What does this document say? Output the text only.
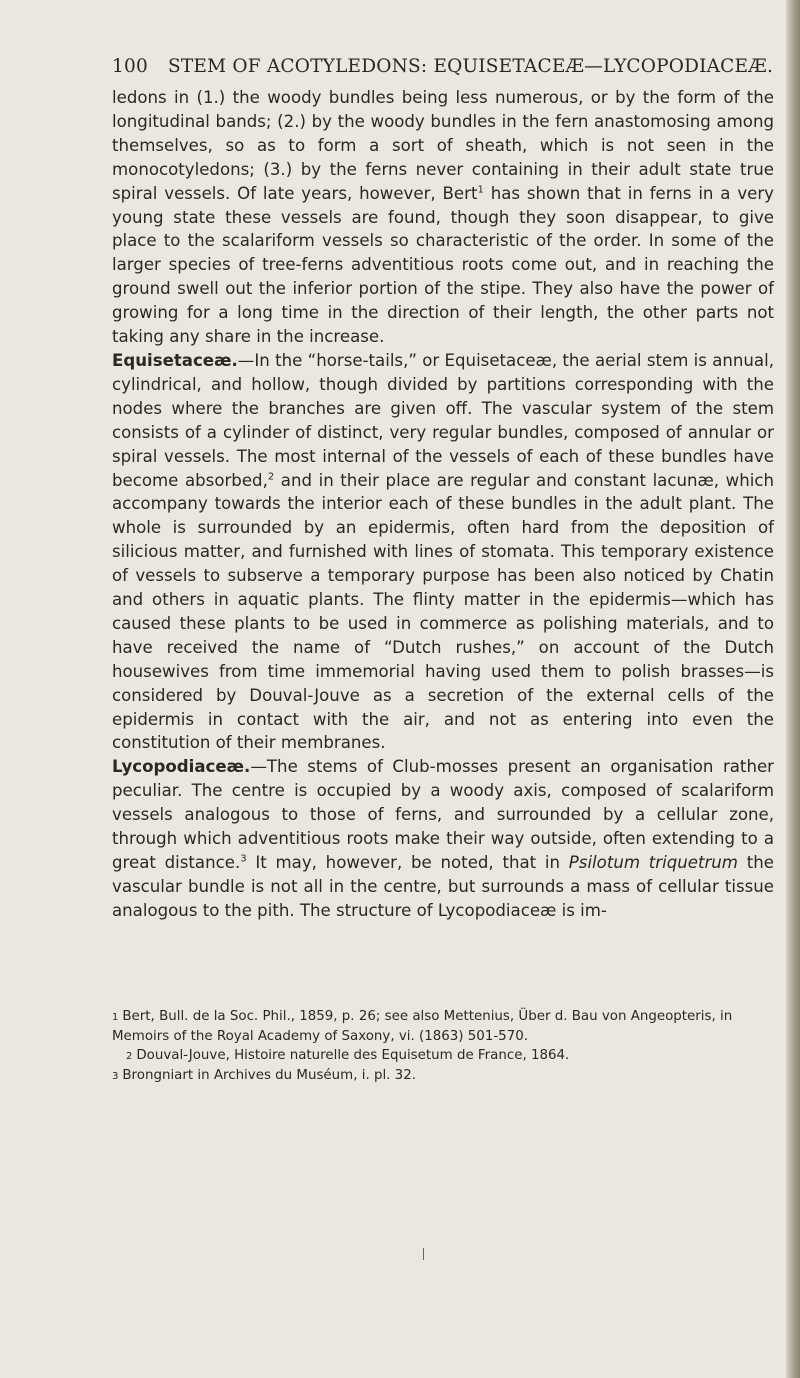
100 STEM OF ACOTYLEDONS: EQUISETACEÆ—LYCOPODIACEÆ.

ledons in (1.) the woody bundles being less numerous, or by the form of the longitudinal bands; (2.) by the woody bundles in the fern anastomosing among themselves, so as to form a sort of sheath, which is not seen in the monocotyledons; (3.) by the ferns never containing in their adult state true spiral vessels. Of late years, however, Bert$^1$ has shown that in ferns in a very young state these vessels are found, though they soon disappear, to give place to the scalariform vessels so characteristic of the order. In some of the larger species of tree-ferns adventitious roots come out, and in reaching the ground swell out the inferior portion of the stipe. They also have the power of growing for a long time in the direction of their length, the other parts not taking any share in the increase.

Equisetaceæ.—In the “horse-tails,” or Equisetaceæ, the aerial stem is annual, cylindrical, and hollow, though divided by partitions corresponding with the nodes where the branches are given off. The vascular system of the stem consists of a cylinder of distinct, very regular bundles, composed of annular or spiral vessels. The most internal of the vessels of each of these bundles have become absorbed,$^2$ and in their place are regular and constant lacunæ, which accompany towards the interior each of these bundles in the adult plant. The whole is surrounded by an epidermis, often hard from the deposition of silicious matter, and furnished with lines of stomata. This temporary existence of vessels to subserve a temporary purpose has been also noticed by Chatin and others in aquatic plants. The flinty matter in the epidermis—which has caused these plants to be used in commerce as polishing materials, and to have received the name of “Dutch rushes,” on account of the Dutch housewives from time immemorial having used them to polish brasses—is considered by Douval-Jouve as a secretion of the external cells of the epidermis in contact with the air, and not as entering into even the constitution of their membranes.

Lycopodiaceæ.—The stems of Club-mosses present an organisation rather peculiar. The centre is occupied by a woody axis, composed of scalariform vessels analogous to those of ferns, and surrounded by a cellular zone, through which adventitious roots make their way outside, often extending to a great distance.$^3$ It may, however, be noted, that in Psilotum triquetrum the vascular bundle is not all in the centre, but surrounds a mass of cellular tissue analogous to the pith. The structure of Lycopodiaceæ is im-

1 Bert, Bull. de la Soc. Phil., 1859, p. 26; see also Mettenius, Über d. Bau von Angeopteris, in Memoirs of the Royal Academy of Saxony, vi. (1863) 501-570.

2 Douval-Jouve, Histoire naturelle des Equisetum de France, 1864.

3 Brongniart in Archives du Muséum, i. pl. 32.
